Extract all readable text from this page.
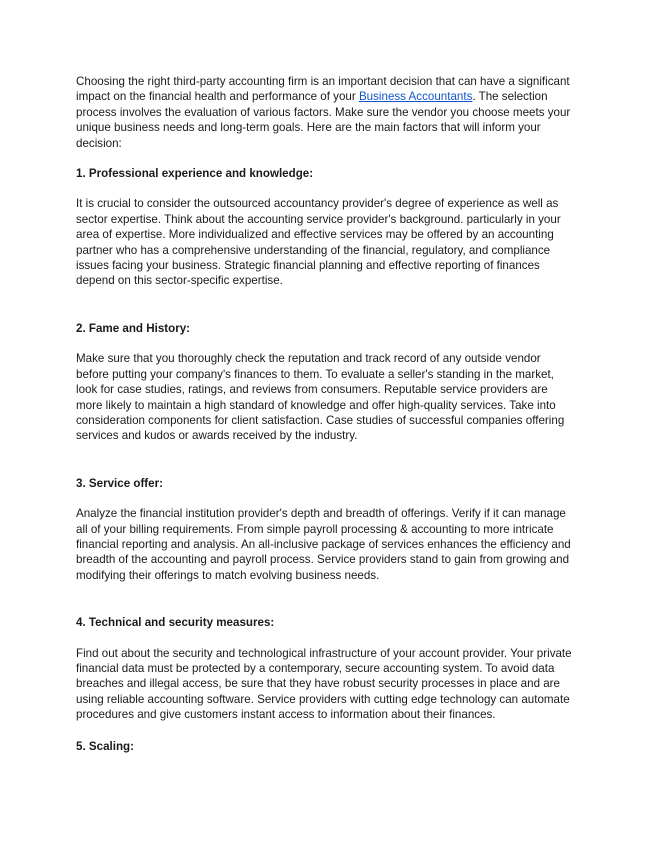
Choosing the right third-party accounting firm is an important decision that can have a significant impact on the financial health and performance of your Business Accountants. The selection process involves the evaluation of various factors. Make sure the vendor you choose meets your unique business needs and long-term goals. Here are the main factors that will inform your decision:

1. Professional experience and knowledge:

It is crucial to consider the outsourced accountancy provider's degree of experience as well as sector expertise. Think about the accounting service provider's background. particularly in your area of expertise. More individualized and effective services may be offered by an accounting partner who has a comprehensive understanding of the financial, regulatory, and compliance issues facing your business. Strategic financial planning and effective reporting of finances depend on this sector-specific expertise.

2. Fame and History:

Make sure that you thoroughly check the reputation and track record of any outside vendor before putting your company's finances to them. To evaluate a seller's standing in the market, look for case studies, ratings, and reviews from consumers. Reputable service providers are more likely to maintain a high standard of knowledge and offer high-quality services. Take into consideration components for client satisfaction. Case studies of successful companies offering services and kudos or awards received by the industry.

3. Service offer:

Analyze the financial institution provider's depth and breadth of offerings. Verify if it can manage all of your billing requirements. From simple payroll processing & accounting to more intricate financial reporting and analysis. An all-inclusive package of services enhances the efficiency and breadth of the accounting and payroll process. Service providers stand to gain from growing and modifying their offerings to match evolving business needs.

4. Technical and security measures:

Find out about the security and technological infrastructure of your account provider. Your private financial data must be protected by a contemporary, secure accounting system. To avoid data breaches and illegal access, be sure that they have robust security processes in place and are using reliable accounting software. Service providers with cutting edge technology can automate procedures and give customers instant access to information about their finances.

5. Scaling:
